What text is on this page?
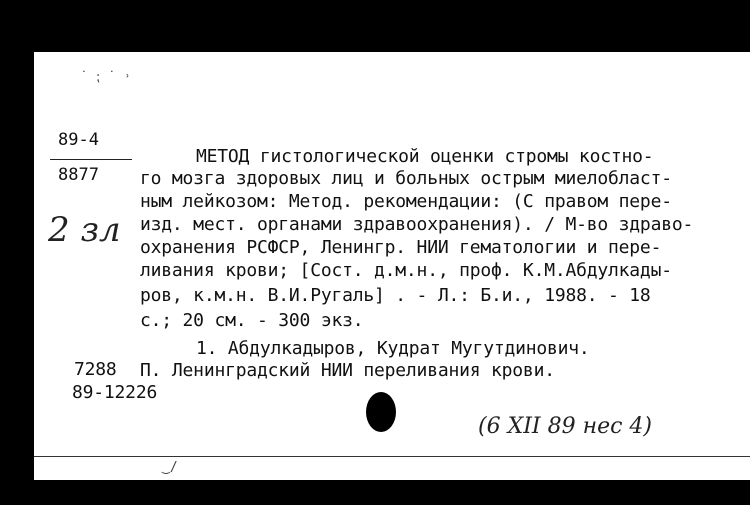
˙ ⁏ ˙ ˒
89-4
8877
2 зл
МЕТОД гистологической оценки стромы костно-
го мозга здоровых лиц и больных острым миелобласт-
ным лейкозом: Метод. рекомендации: (С правом пере-
изд. мест. органами здравоохранения). / М-во здраво-
охранения РСФСР, Ленингр. НИИ гематологии и пере-
ливания крови; [Сост. д.м.н., проф. К.М.Абдулкады-
ров, к.м.н. В.И.Ругаль] . - Л.: Б.и., 1988. - 18
с.; 20 см. - 300 экз.
1. Абдулкадыров, Кудрат Мугутдинович.
7288 П. Ленинградский НИИ переливания крови.
89-12226
(6 ХII 89 нес 4)
‿/
